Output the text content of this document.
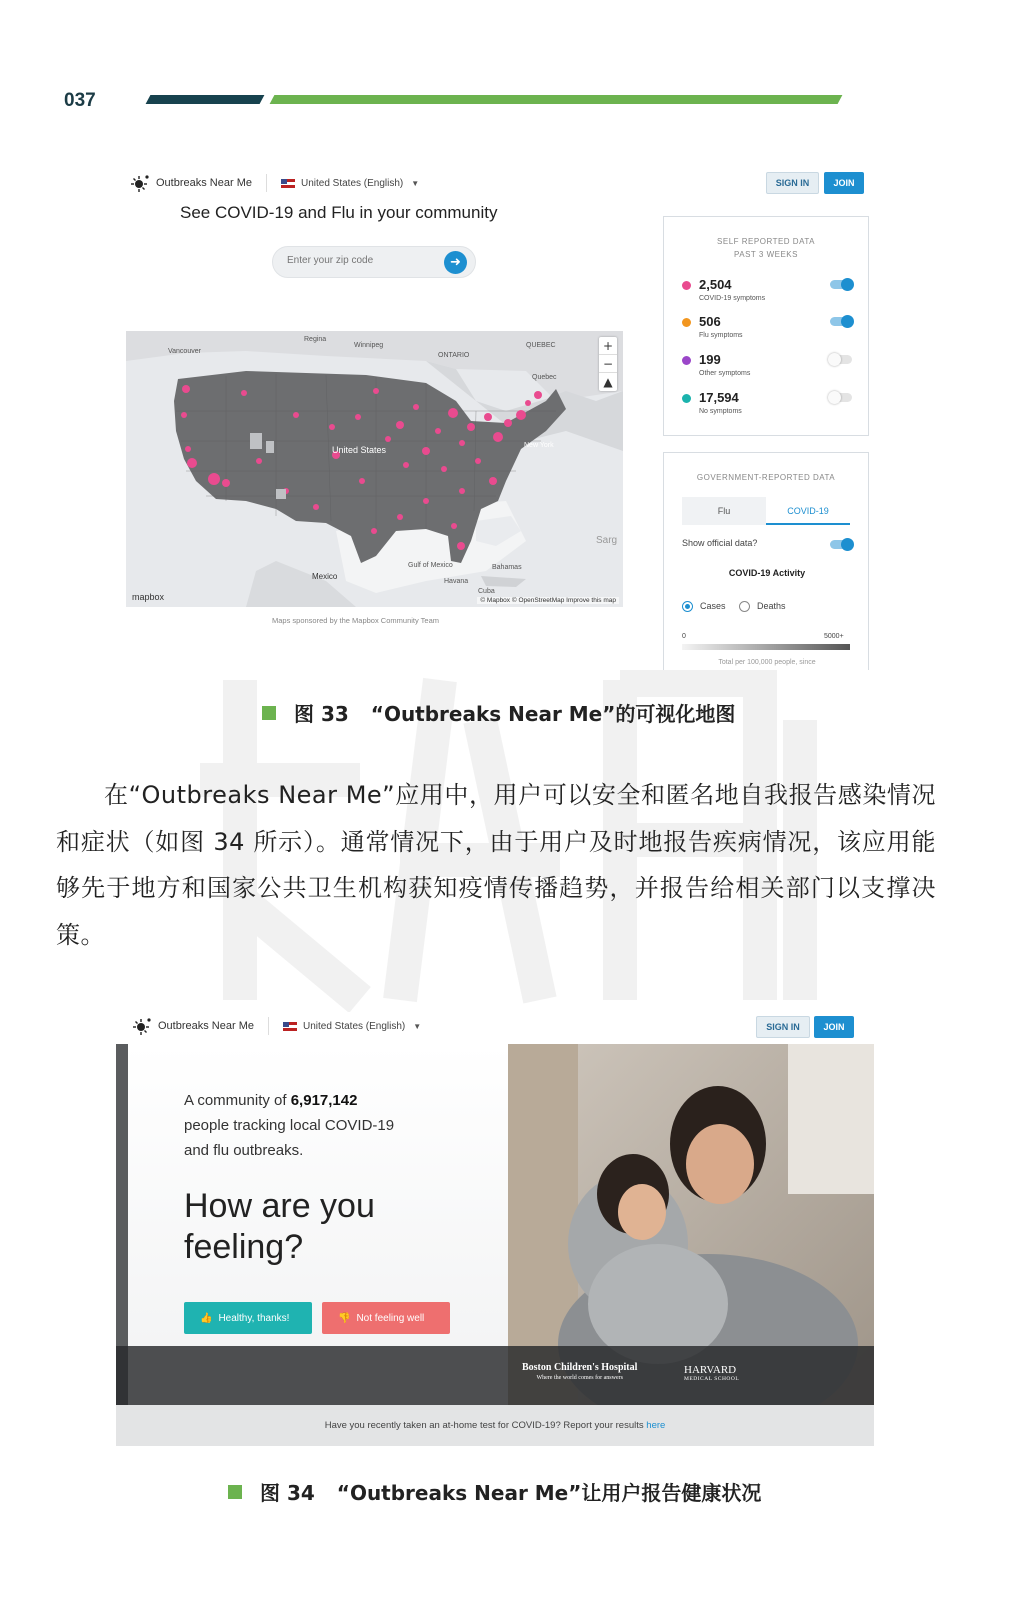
037
Outbreaks Near Me	United States (English) ▼	SIGN IN	JOIN
See COVID-19 and Flu in your community
Enter your zip code
➜
Regina
Winnipeg
Vancouver
ONTARIO
QUEBEC
Quebec
New York
Mexico
Gulf of Mexico
Cuba
Havana
Bahamas
Sarg
United States
+
−
▲
mapbox	© Mapbox © OpenStreetMap Improve this map
Maps sponsored by the Mapbox Community Team
SELF REPORTED DATA
PAST 3 WEEKS
2,504
COVID-19 symptoms
506
Flu symptoms
199
Other symptoms
17,594
No symptoms
GOVERNMENT-REPORTED DATA
Flu	COVID-19
Show official data?
COVID-19 Activity
Cases	Deaths
0	5000+
Total per 100,000 people, since
图 33 “Outbreaks Near Me”的可视化地图
在“Outbreaks Near Me”应用中，用户可以安全和匿名地自我报告感染情况和症状（如图 34 所示）。通常情况下，由于用户及时地报告疾病情况，该应用能够先于地方和国家公共卫生机构获知疫情传播趋势，并报告给相关部门以支撑决策。
Outbreaks Near Me	United States (English) ▼	SIGN IN	JOIN
A community of 6,917,142
people tracking local COVID-19
and flu outbreaks.
How are you
feeling?
👍 Healthy, thanks!	👎 Not feeling well
Boston Children's Hospital
Where the world comes for answers
HARVARD
MEDICAL SCHOOL
Have you recently taken an at-home test for COVID-19? Report your results here
图 34 “Outbreaks Near Me”让用户报告健康状况
